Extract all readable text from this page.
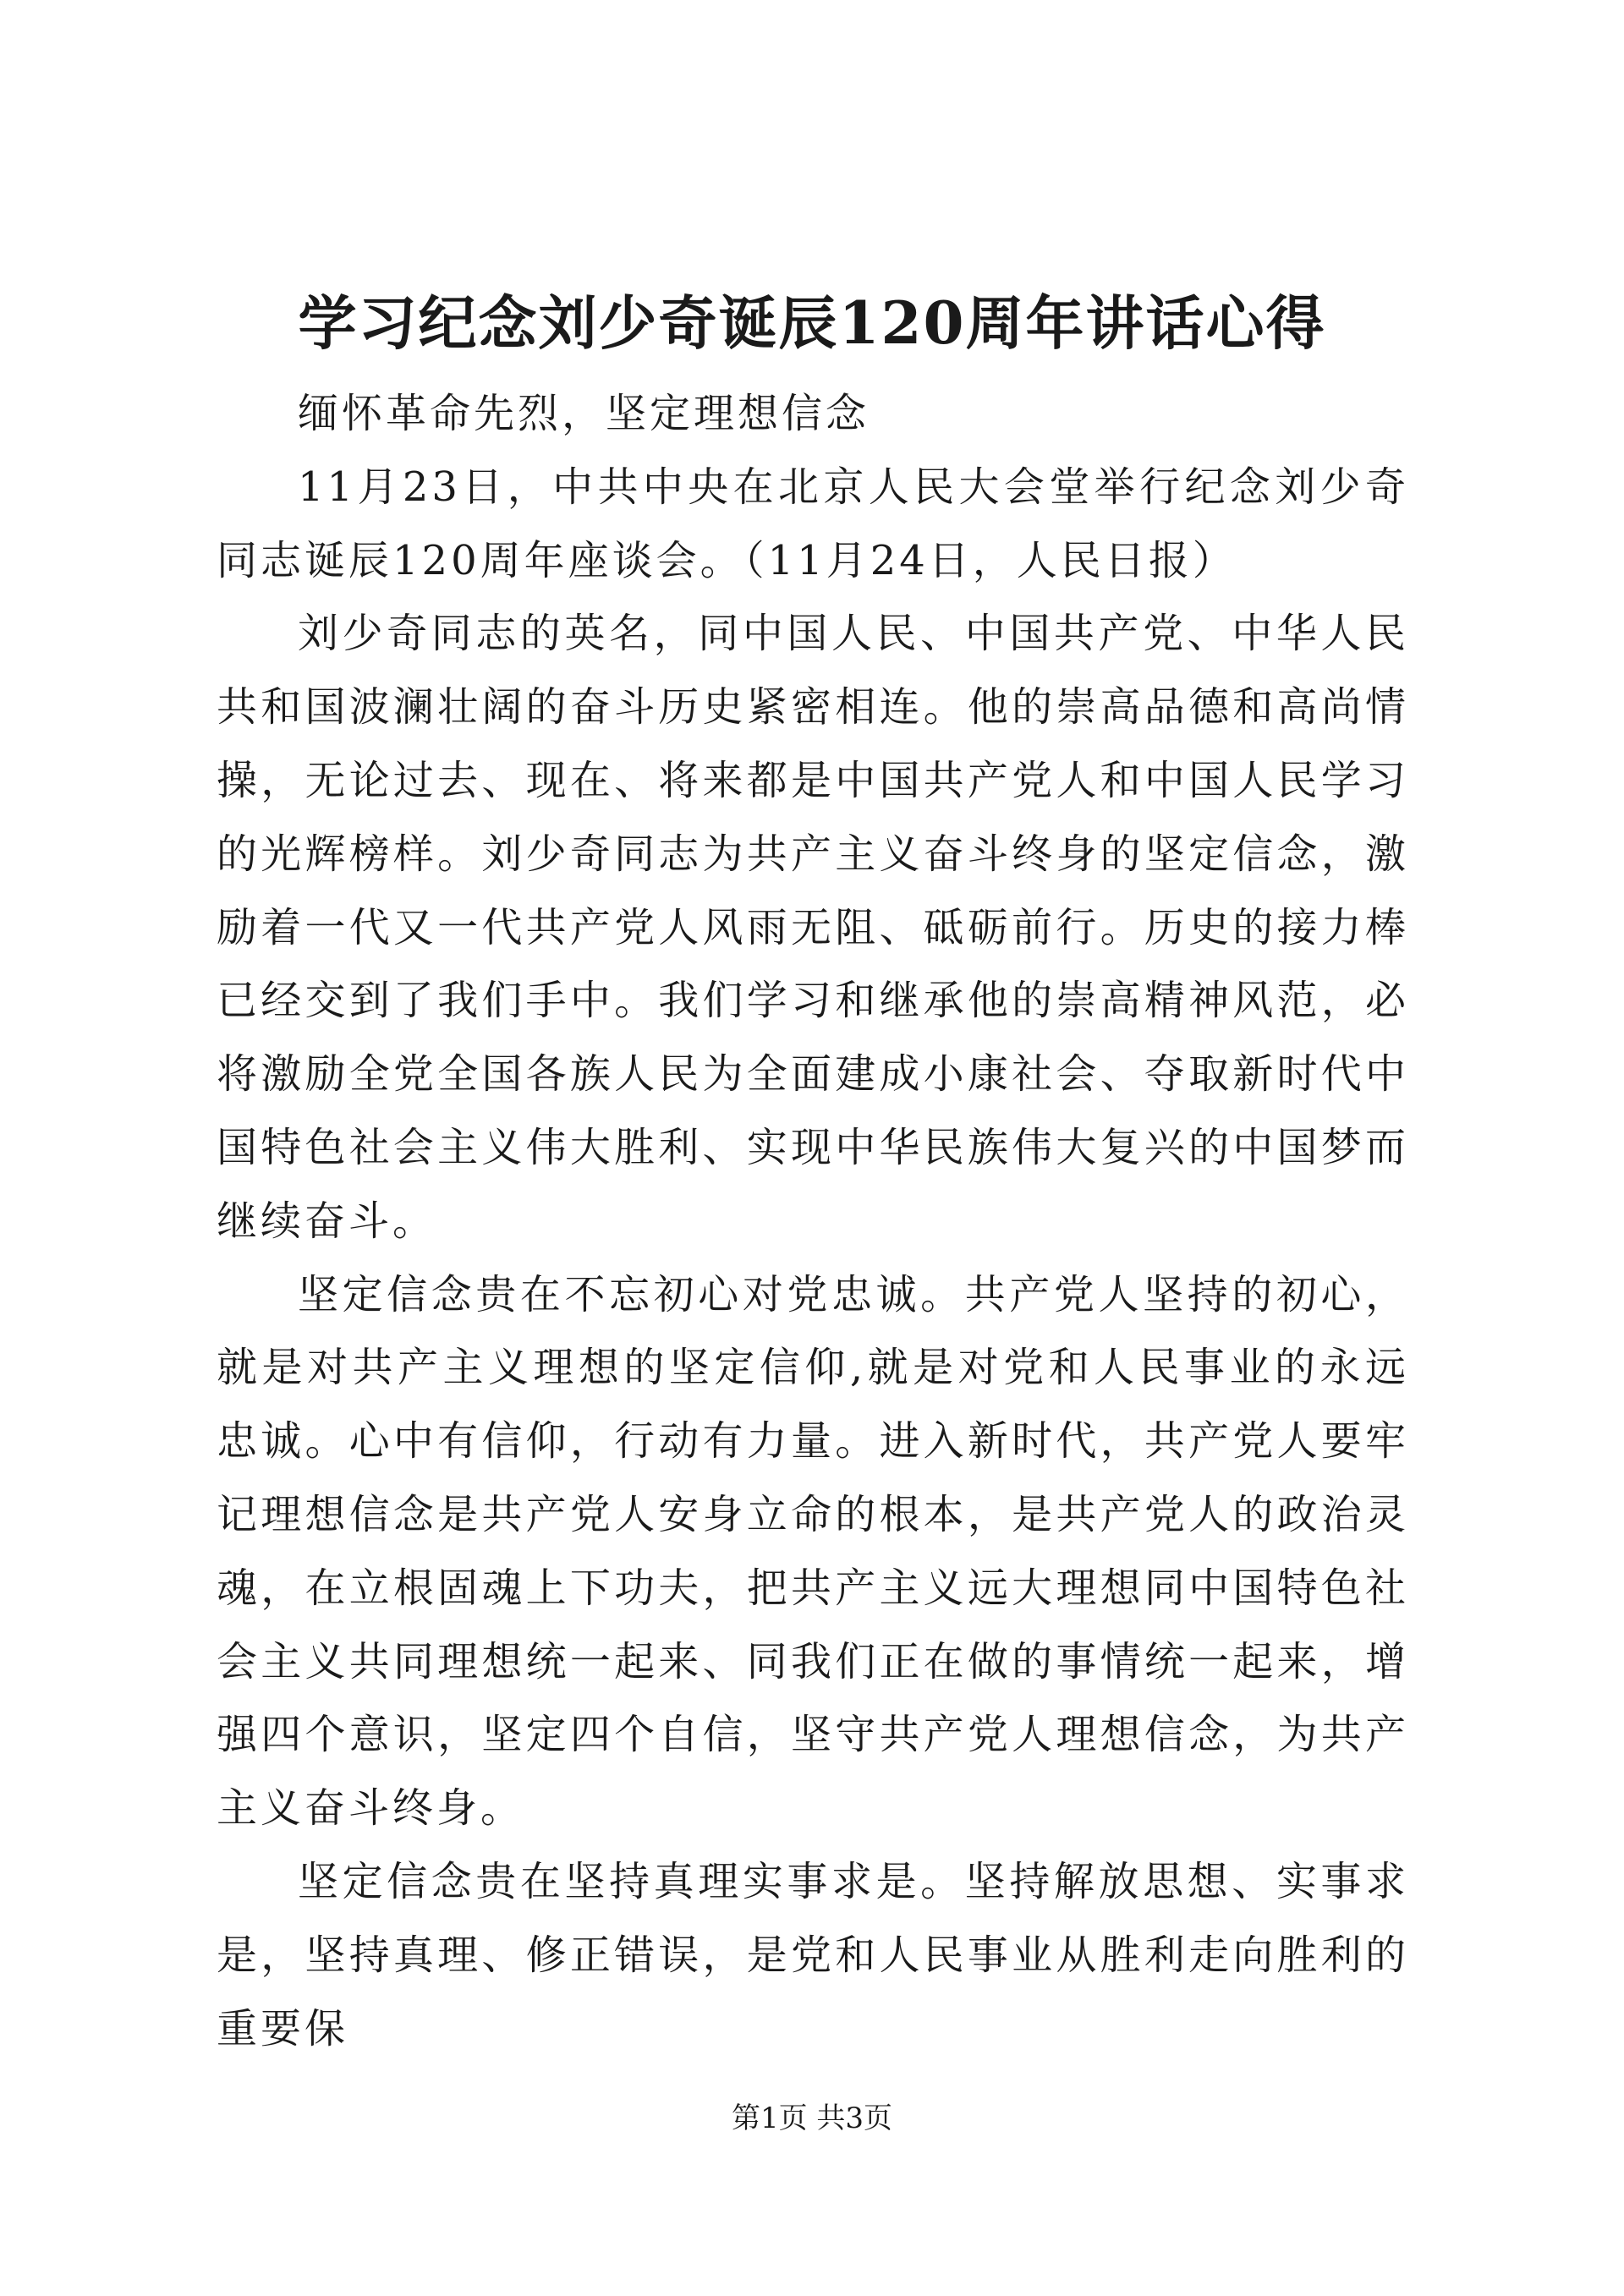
学习纪念刘少奇诞辰120周年讲话心得

缅怀革命先烈，坚定理想信念

11月23日，中共中央在北京人民大会堂举行纪念刘少奇同志诞辰120周年座谈会。（11月24日，人民日报）

刘少奇同志的英名，同中国人民、中国共产党、中华人民共和国波澜壮阔的奋斗历史紧密相连。他的崇高品德和高尚情操，无论过去、现在、将来都是中国共产党人和中国人民学习的光辉榜样。刘少奇同志为共产主义奋斗终身的坚定信念，激励着一代又一代共产党人风雨无阻、砥砺前行。历史的接力棒已经交到了我们手中。我们学习和继承他的崇高精神风范，必将激励全党全国各族人民为全面建成小康社会、夺取新时代中国特色社会主义伟大胜利、实现中华民族伟大复兴的中国梦而继续奋斗。

坚定信念贵在不忘初心对党忠诚。共产党人坚持的初心，就是对共产主义理想的坚定信仰,就是对党和人民事业的永远忠诚。心中有信仰，行动有力量。进入新时代，共产党人要牢记理想信念是共产党人安身立命的根本，是共产党人的政治灵魂，在立根固魂上下功夫，把共产主义远大理想同中国特色社会主义共同理想统一起来、同我们正在做的事情统一起来，增强四个意识，坚定四个自信，坚守共产党人理想信念，为共产主义奋斗终身。

坚定信念贵在坚持真理实事求是。坚持解放思想、实事求是，坚持真理、修正错误，是党和人民事业从胜利走向胜利的重要保

第1页 共3页
